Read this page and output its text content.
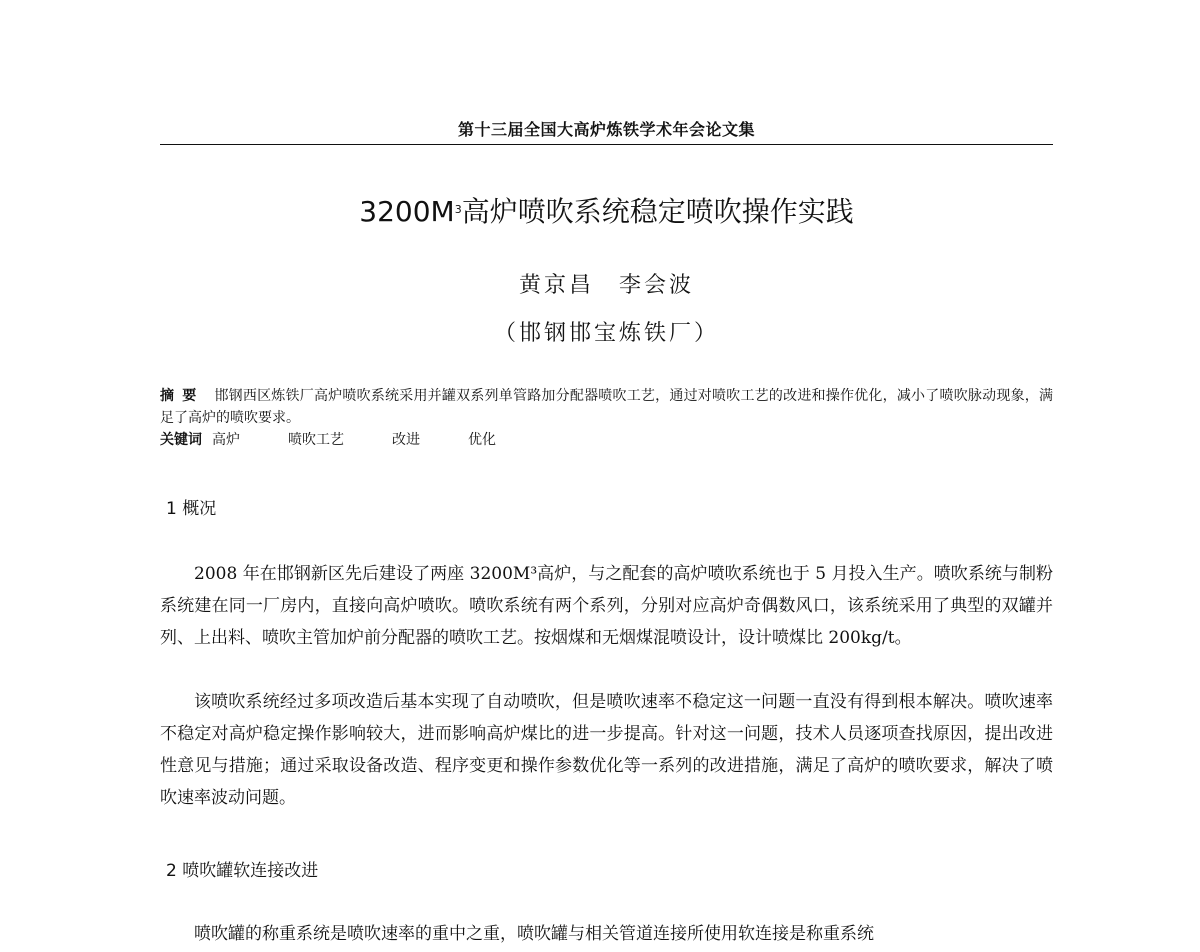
第十三届全国大高炉炼铁学术年会论文集
$3200M^3$高炉喷吹系统稳定喷吹操作实践
黄京昌　李会波
（邯钢邯宝炼铁厂）
摘要 邯钢西区炼铁厂高炉喷吹系统采用并罐双系列单管路加分配器喷吹工艺，通过对喷吹工艺的改进和操作优化，减小了喷吹脉动现象，满足了高炉的喷吹要求。
关键词 高炉	喷吹工艺	改进	优化
1 概况

2008 年在邯钢新区先后建设了两座 3200M³高炉，与之配套的高炉喷吹系统也于 5 月投入生产。喷吹系统与制粉系统建在同一厂房内，直接向高炉喷吹。喷吹系统有两个系列，分别对应高炉奇偶数风口，该系统采用了典型的双罐并列、上出料、喷吹主管加炉前分配器的喷吹工艺。按烟煤和无烟煤混喷设计，设计喷煤比 200kg/t。

该喷吹系统经过多项改造后基本实现了自动喷吹，但是喷吹速率不稳定这一问题一直没有得到根本解决。喷吹速率不稳定对高炉稳定操作影响较大，进而影响高炉煤比的进一步提高。针对这一问题，技术人员逐项查找原因，提出改进性意见与措施；通过采取设备改造、程序变更和操作参数优化等一系列的改进措施，满足了高炉的喷吹要求，解决了喷吹速率波动问题。

2 喷吹罐软连接改进

喷吹罐的称重系统是喷吹速率的重中之重，喷吹罐与相关管道连接所使用软连接是称重系统
